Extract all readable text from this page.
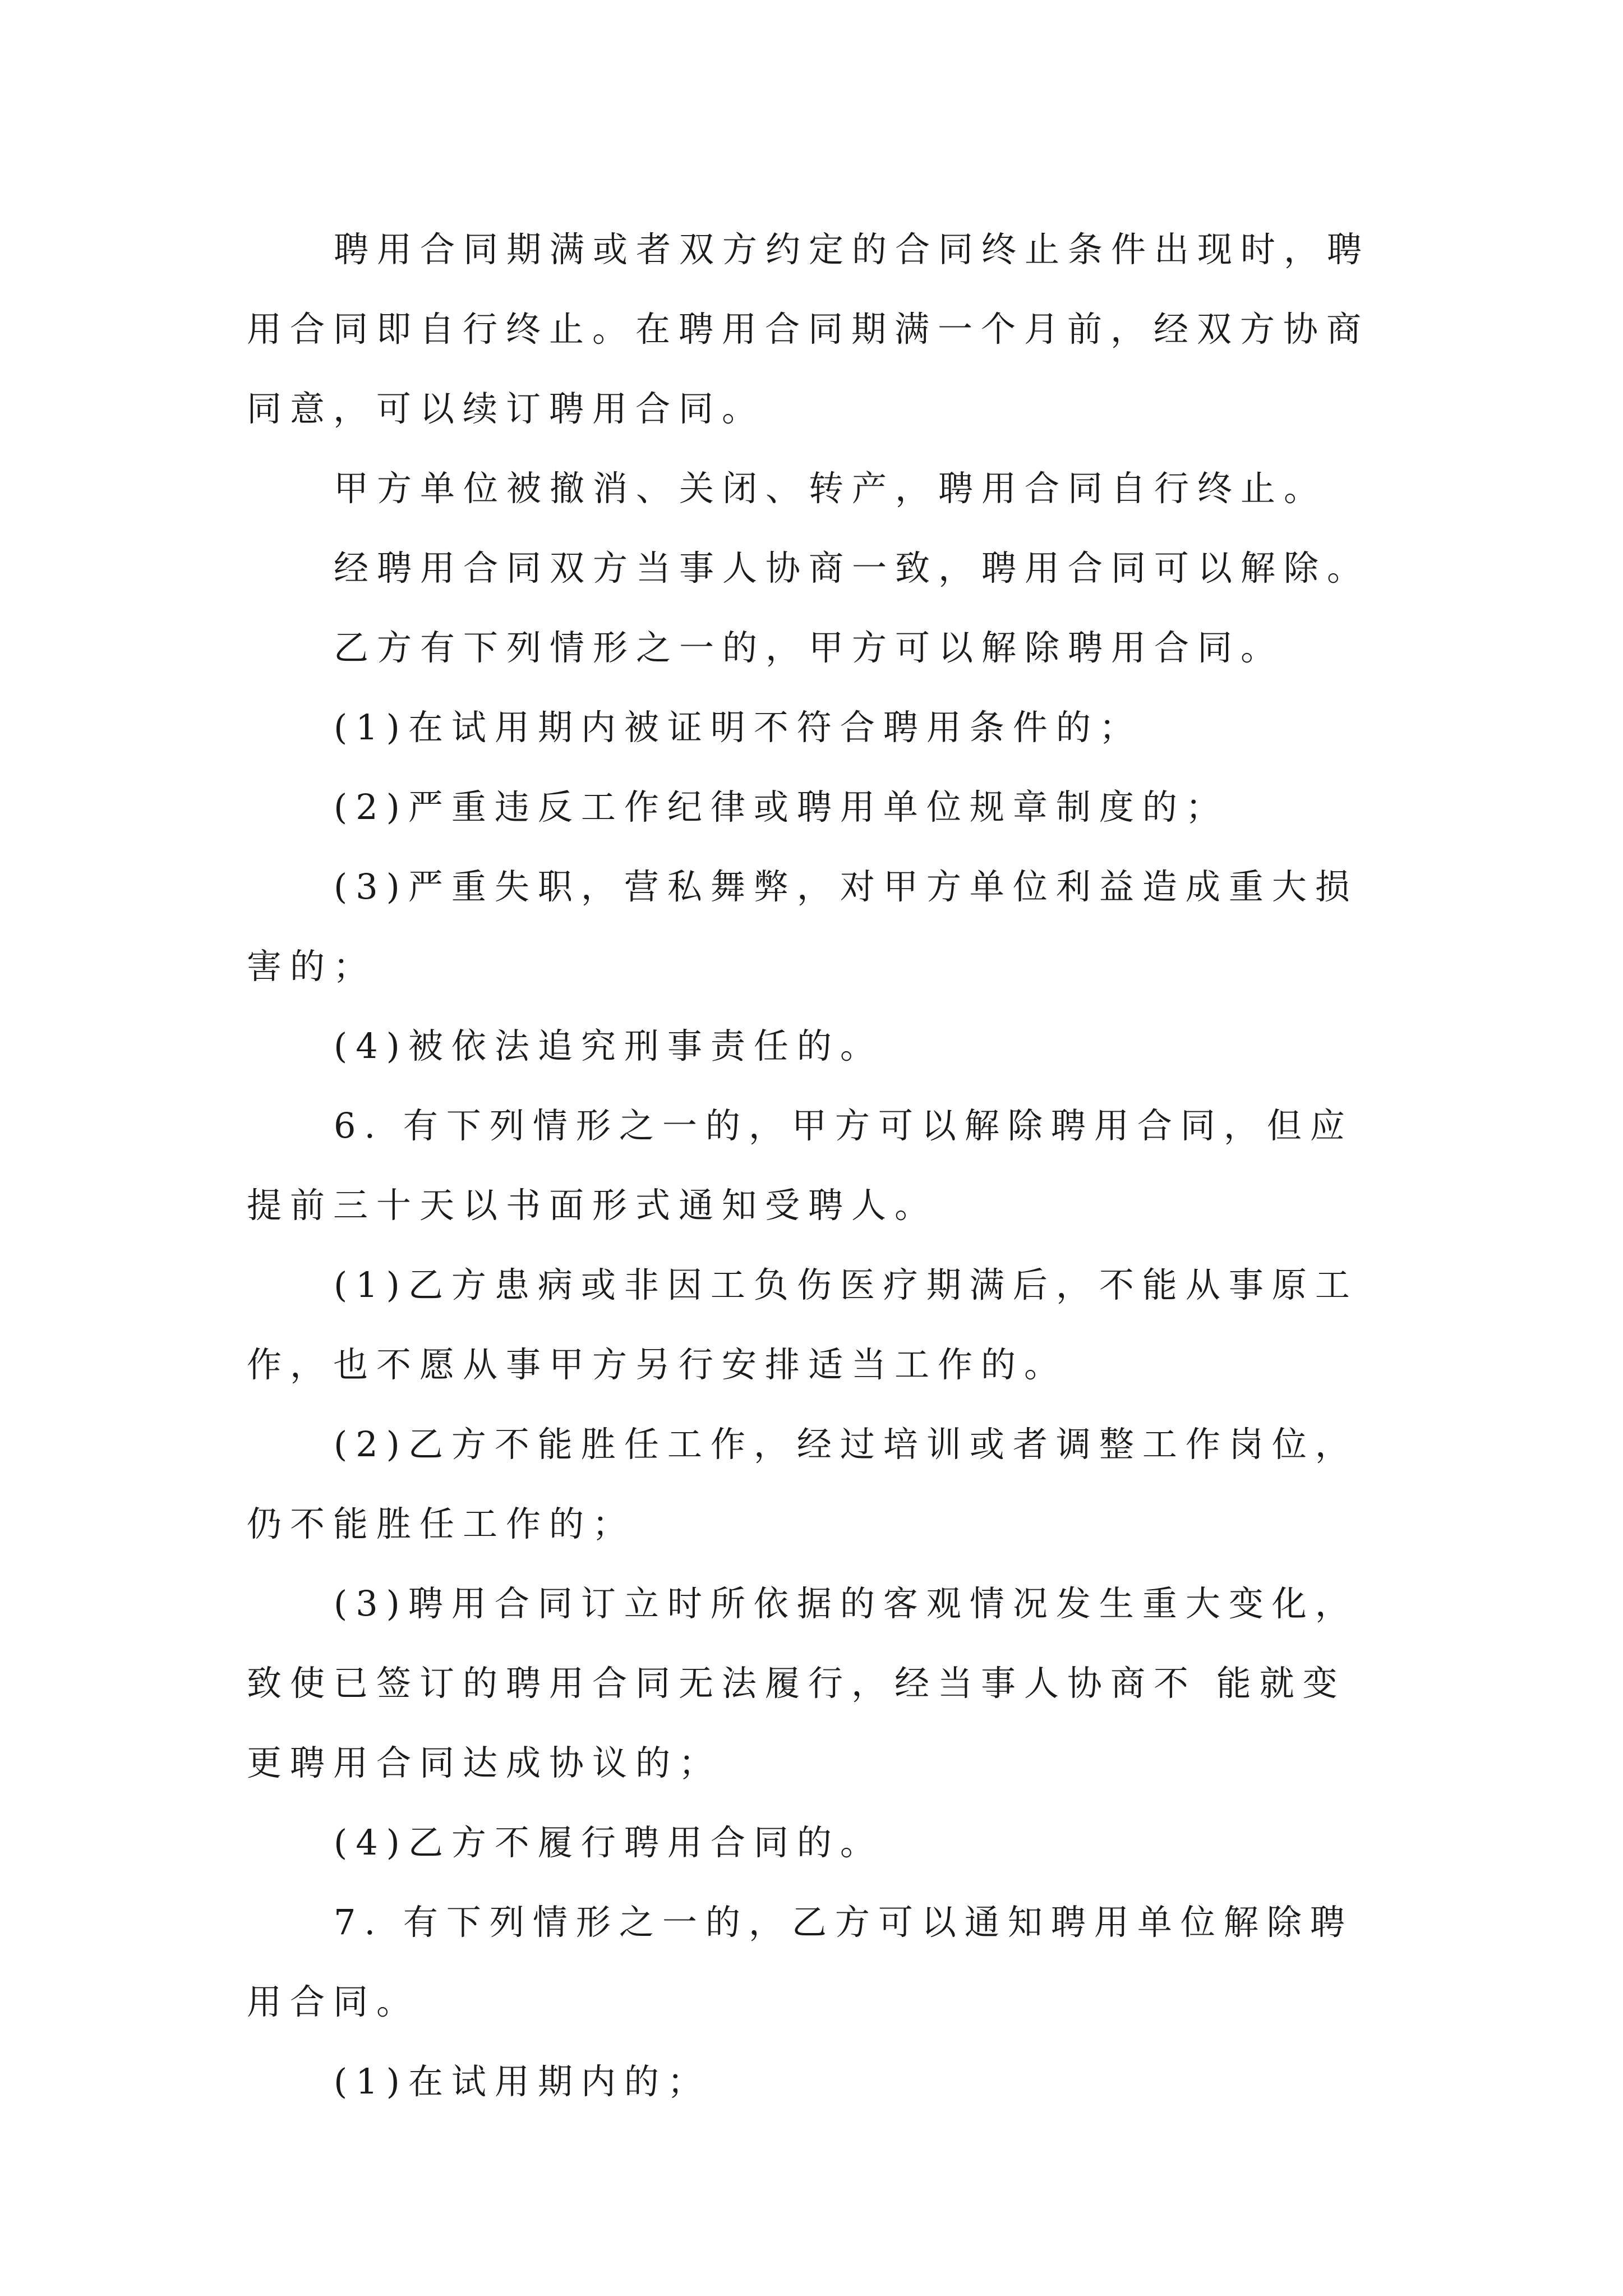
聘用合同期满或者双方约定的合同终止条件出现时，聘

用合同即自行终止。在聘用合同期满一个月前，经双方协商

同意，可以续订聘用合同。

甲方单位被撤消、关闭、转产，聘用合同自行终止。

经聘用合同双方当事人协商一致，聘用合同可以解除。

乙方有下列情形之一的，甲方可以解除聘用合同。

(1)在试用期内被证明不符合聘用条件的；

(2)严重违反工作纪律或聘用单位规章制度的；

(3)严重失职，营私舞弊，对甲方单位利益造成重大损

害的；

(4)被依法追究刑事责任的。

6. 有下列情形之一的，甲方可以解除聘用合同，但应

提前三十天以书面形式通知受聘人。

(1)乙方患病或非因工负伤医疗期满后，不能从事原工

作，也不愿从事甲方另行安排适当工作的。

(2)乙方不能胜任工作，经过培训或者调整工作岗位，

仍不能胜任工作的；

(3)聘用合同订立时所依据的客观情况发生重大变化，

致使已签订的聘用合同无法履行，经当事人协商不 能就变

更聘用合同达成协议的；

(4)乙方不履行聘用合同的。

7. 有下列情形之一的，乙方可以通知聘用单位解除聘

用合同。

(1)在试用期内的；
